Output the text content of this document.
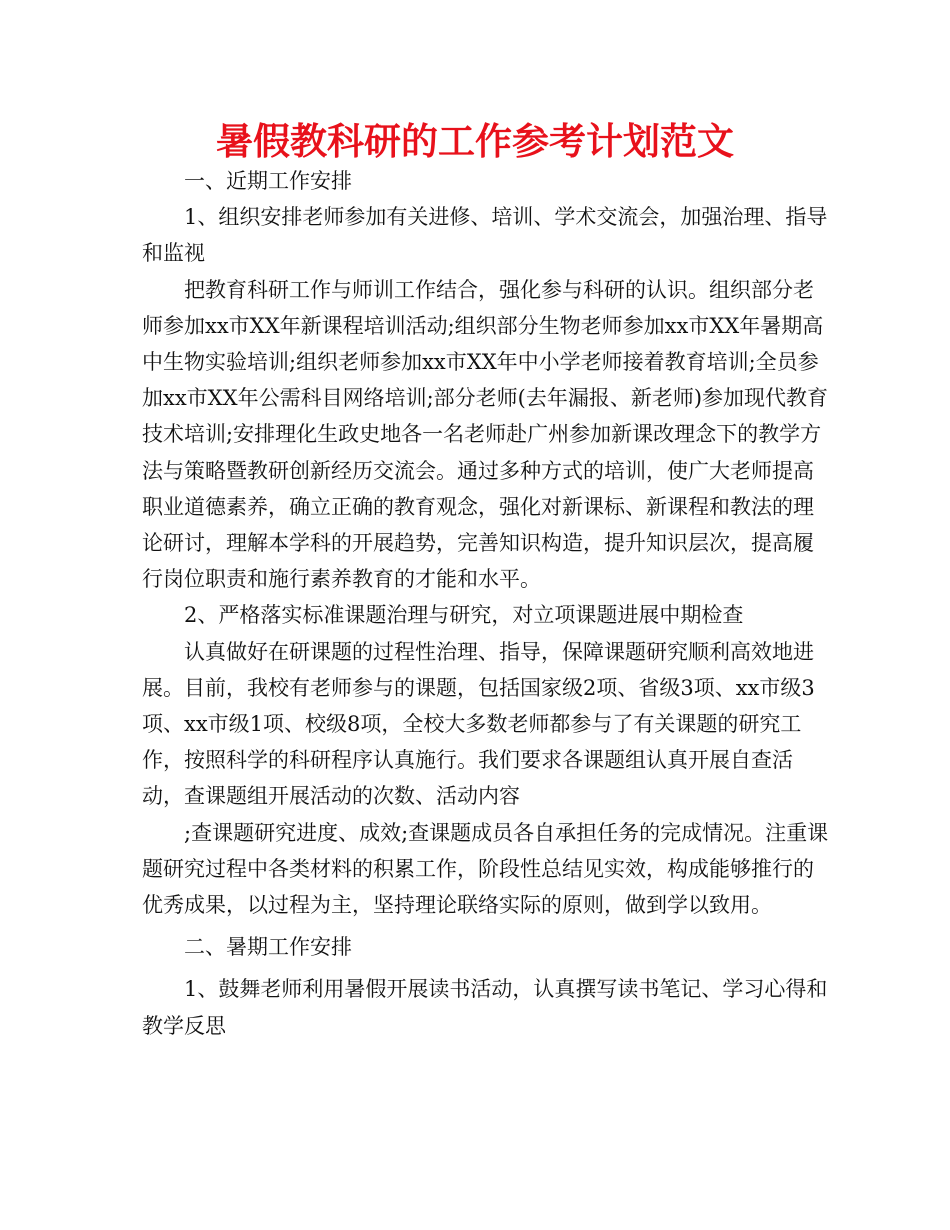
暑假教科研的工作参考计划范文

一、近期工作安排

1、组织安排老师参加有关进修、培训、学术交流会，加强治理、指导和监视

把教育科研工作与师训工作结合，强化参与科研的认识。组织部分老师参加xx市XX年新课程培训活动;组织部分生物老师参加xx市XX年暑期高中生物实验培训;组织老师参加xx市XX年中小学老师接着教育培训;全员参加xx市XX年公需科目网络培训;部分老师(去年漏报、新老师)参加现代教育技术培训;安排理化生政史地各一名老师赴广州参加新课改理念下的教学方法与策略暨教研创新经历交流会。通过多种方式的培训，使广大老师提高职业道德素养，确立正确的教育观念，强化对新课标、新课程和教法的理论研讨，理解本学科的开展趋势，完善知识构造，提升知识层次，提高履行岗位职责和施行素养教育的才能和水平。

2、严格落实标准课题治理与研究，对立项课题进展中期检查

认真做好在研课题的过程性治理、指导，保障课题研究顺利高效地进展。目前，我校有老师参与的课题，包括国家级2项、省级3项、xx市级3项、xx市级1项、校级8项，全校大多数老师都参与了有关课题的研究工作，按照科学的科研程序认真施行。我们要求各课题组认真开展自查活动，查课题组开展活动的次数、活动内容

;查课题研究进度、成效;查课题成员各自承担任务的完成情况。注重课题研究过程中各类材料的积累工作，阶段性总结见实效，构成能够推行的优秀成果，以过程为主，坚持理论联络实际的原则，做到学以致用。

二、暑期工作安排

1、鼓舞老师利用暑假开展读书活动，认真撰写读书笔记、学习心得和教学反思
